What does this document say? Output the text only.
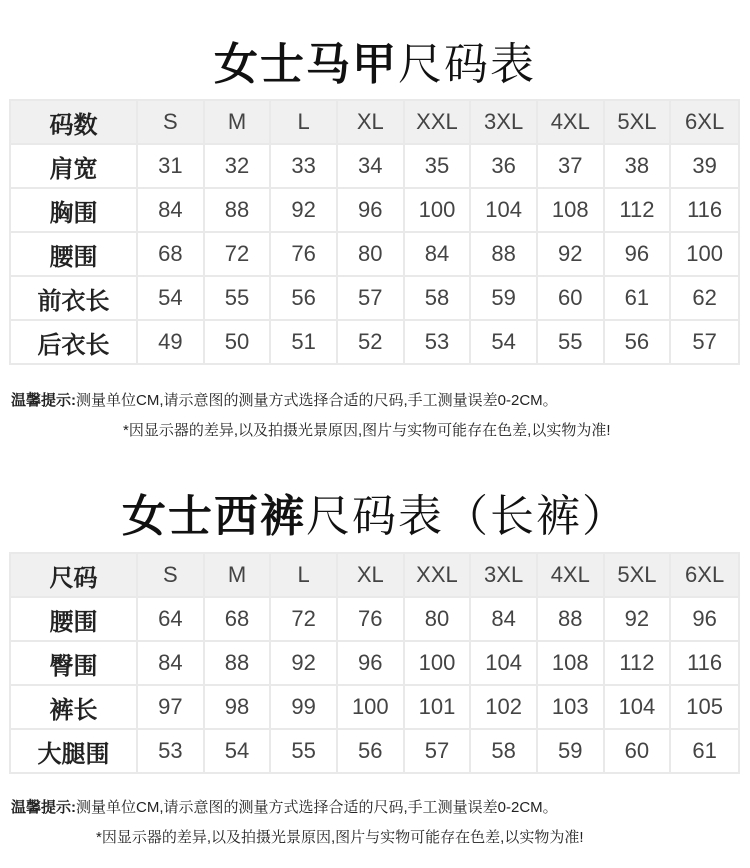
女士马甲尺码表
码数	S	M	L	XL	XXL	3XL	4XL	5XL	6XL
肩宽	31	32	33	34	35	36	37	38	39
胸围	84	88	92	96	100	104	108	112	116
腰围	68	72	76	80	84	88	92	96	100
前衣长	54	55	56	57	58	59	60	61	62
后衣长	49	50	51	52	53	54	55	56	57
温馨提示:测量单位CM,请示意图的测量方式选择合适的尺码,手工测量误差0-2CM。
*因显示器的差异,以及拍摄光景原因,图片与实物可能存在色差,以实物为准!
女士西裤尺码表（长裤）
尺码	S	M	L	XL	XXL	3XL	4XL	5XL	6XL
腰围	64	68	72	76	80	84	88	92	96
臀围	84	88	92	96	100	104	108	112	116
裤长	97	98	99	100	101	102	103	104	105
大腿围	53	54	55	56	57	58	59	60	61
温馨提示:测量单位CM,请示意图的测量方式选择合适的尺码,手工测量误差0-2CM。
*因显示器的差异,以及拍摄光景原因,图片与实物可能存在色差,以实物为准!
